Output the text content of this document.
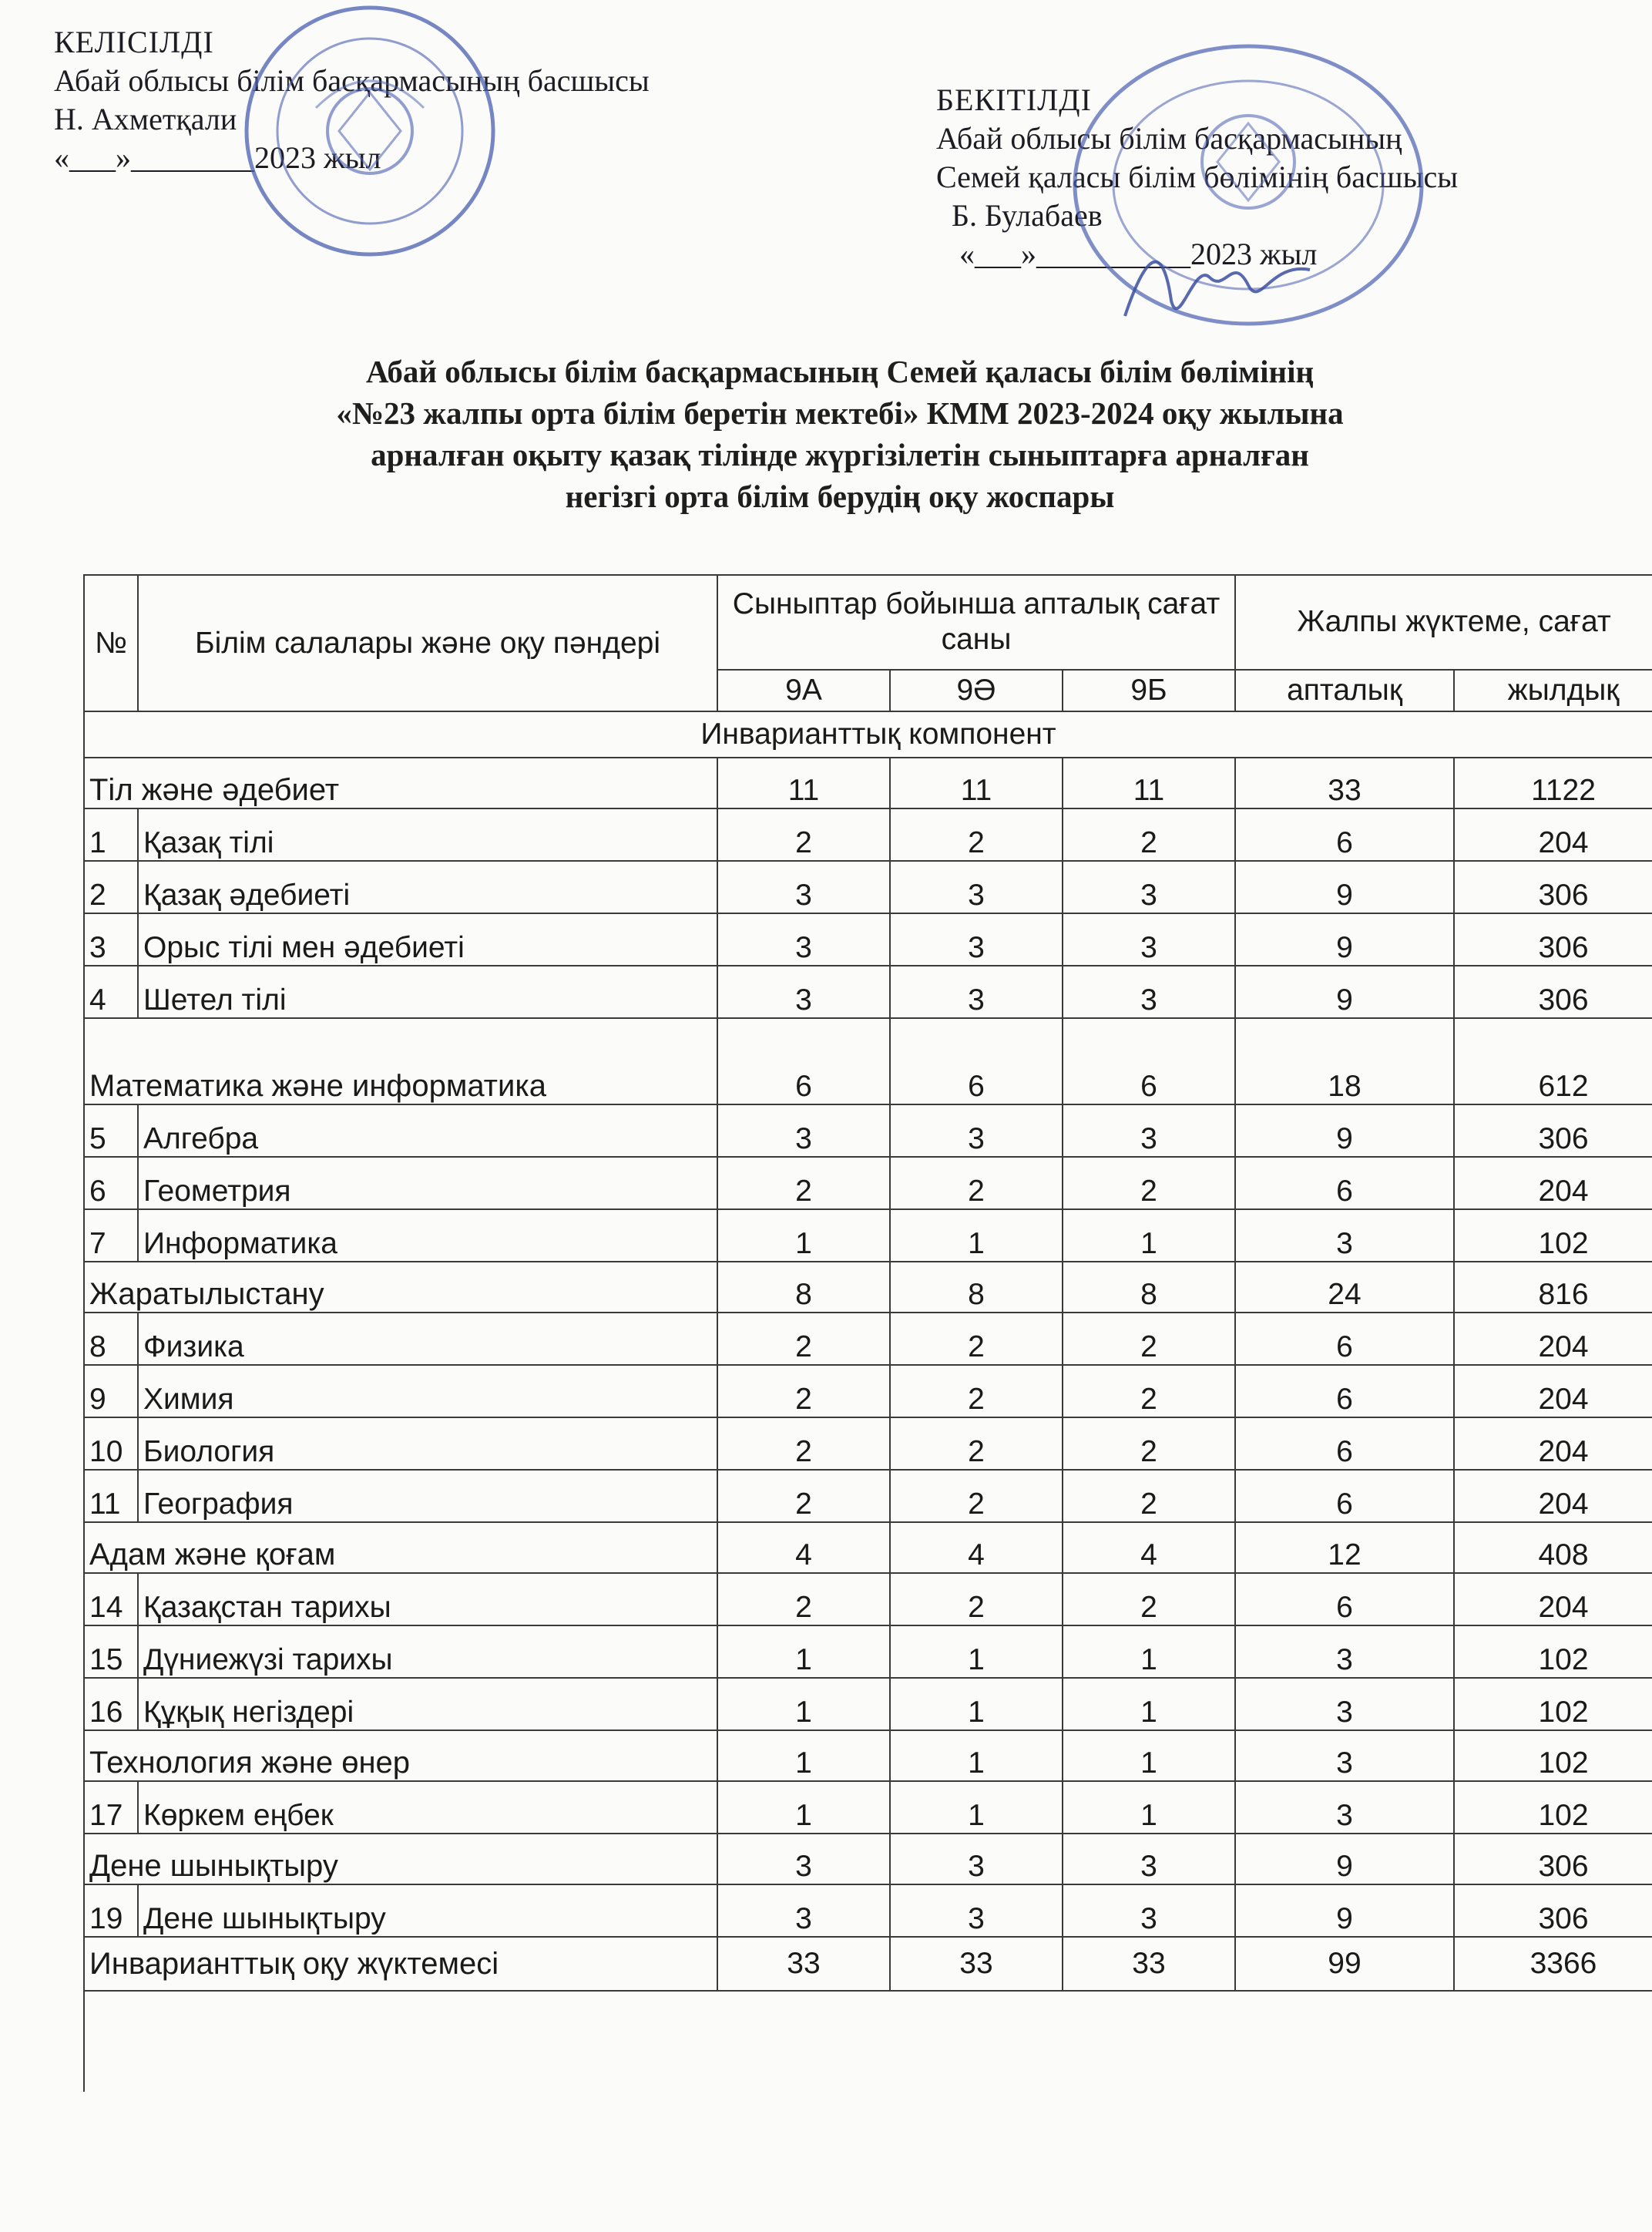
КЕЛІСІЛДІ
Абай облысы білім басқармасының басшысы
Н. Ахметқали
«___»________2023 жыл
БЕКІТІЛДІ
Абай облысы білім басқармасының
Семей қаласы білім бөлімінің басшысы
Б. Булабаев
«___»__________2023 жыл
Абай облысы білім басқармасының Семей қаласы білім бөлімінің
«№23 жалпы орта білім беретін мектебі» КММ 2023-2024 оқу жылына
арналған оқыту қазақ тілінде жүргізілетін сыныптарға арналған
негізгі орта білім берудің оқу жоспары
№	Білім салалары және оқу пәндері	Сыныптар бойынша апталық сағат саны			Жалпы жүктеме, сағат	
		9А	9Ә	9Б	апталық	жылдық
Инварианттық компонент						
Тіл және әдебиет		11	11	11	33	1122
1	Қазақ тілі	2	2	2	6	204
2	Қазақ әдебиеті	3	3	3	9	306
3	Орыс тілі мен әдебиеті	3	3	3	9	306
4	Шетел тілі	3	3	3	9	306
Математика және информатика		6	6	6	18	612
5	Алгебра	3	3	3	9	306
6	Геометрия	2	2	2	6	204
7	Информатика	1	1	1	3	102
Жаратылыстану		8	8	8	24	816
8	Физика	2	2	2	6	204
9	Химия	2	2	2	6	204
10	Биология	2	2	2	6	204
11	География	2	2	2	6	204
Адам және қоғам		4	4	4	12	408
14	Қазақстан тарихы	2	2	2	6	204
15	Дүниежүзі тарихы	1	1	1	3	102
16	Құқық негіздері	1	1	1	3	102
Технология және өнер		1	1	1	3	102
17	Көркем еңбек	1	1	1	3	102
Дене шынықтыру		3	3	3	9	306
19	Дене шынықтыру	3	3	3	9	306
Инварианттық оқу жүктемесі		33	33	33	99	3366
